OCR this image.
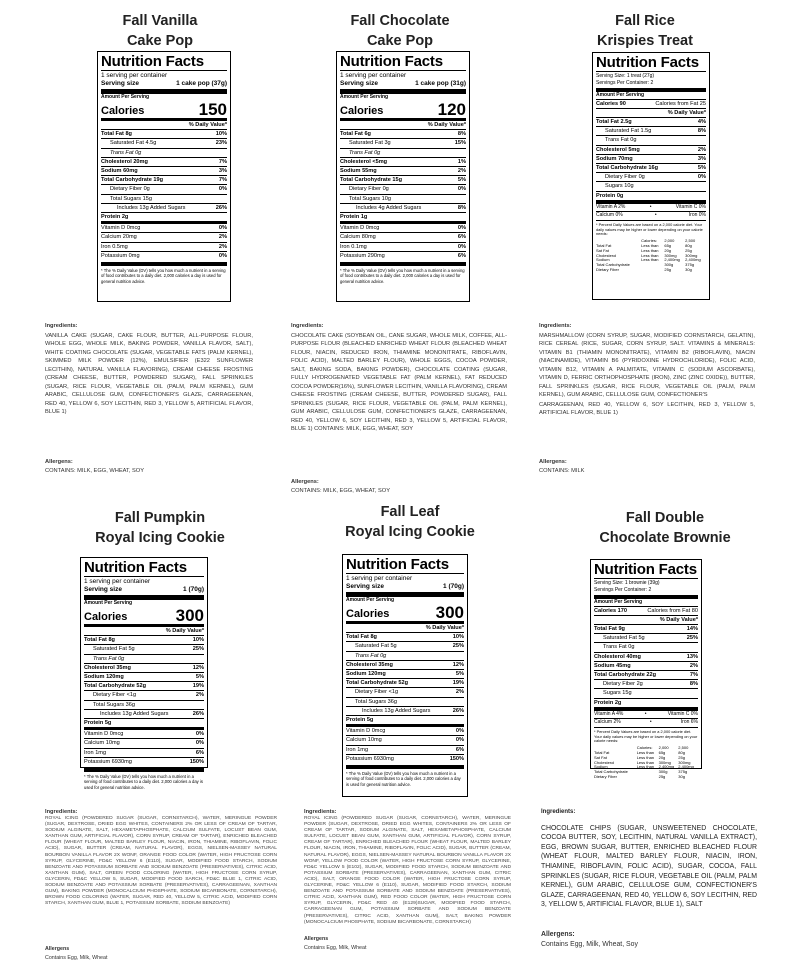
Fall Vanilla
Cake Pop
Nutrition Facts
1 serving per container
Serving size	1 cake pop (37g)
Amount Per Serving
Calories	150
% Daily Value*
Total Fat 8g	10%
Saturated Fat 4.5g	23%
Trans Fat 0g
Cholesterol 20mg	7%
Sodium 60mg	3%
Total Carbohydrate 19g	7%
Dietary Fiber 0g	0%
Total Sugars 15g
Includes 13g Added Sugars	26%
Protein 2g
Vitamin D 0mcg	0%
Calcium 20mg	2%
Iron 0.5mg	2%
Potassium 0mg	0%
* The % Daily Value (DV) tells you how much a nutrient in a serving of food contributes to a daily diet. 2,000 calories a day is used for general nutrition advice.
Ingredients:
VANILLA CAKE (SUGAR, CAKE FLOUR, BUTTER, ALL-PURPOSE FLOUR, WHOLE EGG, WHOLE MILK, BAKING POWDER, VANILLA FLAVOR, SALT), WHITE COATING CHOCOLATE (SUGAR, VEGETABLE FATS (PALM KERNEL), SKIMMED MILK POWDER (12%), EMULSIFIER (E322 SUNFLOWER LECITHIN), NATURAL VANILLA FLAVORING), CREAM CHEESE FROSTING (CREAM CHEESE, BUTTER, POWDERED SUGAR), FALL SPRINKLES (SUGAR, RICE FLOUR, VEGETABLE OIL (PALM, PALM KERNEL), GUM ARABIC, CELLULOSE GUM, CONFECTIONER'S GLAZE, CARRAGEENAN, RED 40, YELLOW 6, SOY LECITHIN, RED 3, YELLOW 5, ARTIFICIAL FLAVOR, BLUE 1)
Allergens:
CONTAINS: MILK, EGG, WHEAT, SOY
Fall Chocolate
Cake Pop
Nutrition Facts
1 serving per container
Serving size	1 cake pop (31g)
Amount Per Serving
Calories	120
% Daily Value*
Total Fat 6g	8%
Saturated Fat 3g	15%
Trans Fat 0g
Cholesterol <5mg	1%
Sodium 55mg	2%
Total Carbohydrate 15g	5%
Dietary Fiber 0g	0%
Total Sugars 10g
Includes 4g Added Sugars	8%
Protein 1g
Vitamin D 0mcg	0%
Calcium 80mg	6%
Iron 0.1mg	0%
Potassium 290mg	6%
* The % Daily Value (DV) tells you how much a nutrient in a serving of food contributes to a daily diet. 2,000 calories a day is used for general nutrition advice.
Ingredients:
CHOCOLATE CAKE (SOYBEAN OIL, CANE SUGAR, WHOLE MILK, COFFEE, ALL-PURPOSE FLOUR (BLEACHED ENRICHED WHEAT FLOUR (BLEACHED WHEAT FLOUR, NIACIN, REDUCED IRON, THIAMINE MONONITRATE, RIBOFLAVIN, FOLIC ACID), MALTED BARLEY FLOUR), WHOLE EGGS, COCOA POWDER, SALT, BAKING SODA, BAKING POWDER), CHOCOLATE COATING (SUGAR, FULLY HYDROGENATED VEGETABLE FAT (PALM KERNEL), FAT REDUCED COCOA POWDER(16%), SUNFLOWER LECITHIN, VANILLA FLAVORING), CREAM CHEESE FROSTING (CREAM CHEESE, BUTTER, POWDERED SUGAR), FALL SPRINKLES (SUGAR, RICE FLOUR, VEGETABLE OIL (PALM, PALM KERNEL), GUM ARABIC, CELLULOSE GUM, CONFECTIONER'S GLAZE, CARRAGEENAN, RED 40, YELLOW 6, SOY LECITHIN, RED 3, YELLOW 5, ARTIFICIAL FLAVOR, BLUE 1) CONTAINS: MILK, EGG, WHEAT, SOY
Allergens:
CONTAINS: MILK, EGG, WHEAT, SOY
Fall Rice
Krispies Treat
Nutrition Facts
Serving Size: 1 treat (27g)
Servings Per Container: 2
Amount Per Serving
Calories 90	Calories from Fat 25
% Daily Value*
Total Fat 2.5g	4%
Saturated Fat 1.5g	8%
Trans Fat 0g
Cholesterol 5mg	2%
Sodium 70mg	3%
Total Carbohydrate 16g	5%
Dietary Fiber 0g	0%
Sugars 10g
Protein 0g
Vitamin A 2%	•	Vitamin C 0%
Calcium 0%	•	Iron 0%
* Percent Daily Values are based on a 2,000 calorie diet. Your daily values may be higher or lower depending on your calorie needs:
	Calories:	2,000	2,500
Total Fat	Less than	65g	80g
Sat Fat	Less than	20g	25g
Cholesterol	Less than	300mg	300mg
Sodium	Less than	2,400mg	2,400mg
Total Carbohydrate		300g	375g
Dietary Fiber		25g	30g
Ingredients:
MARSHMALLOW (CORN SYRUP, SUGAR, MODIFIED CORNSTARCH, GELATIN), RICE CEREAL (RICE, SUGAR, CORN SYRUP, SALT. VITAMINS & MINERALS: VITAMIN B1 (THIAMIN MONONITRATE), VITAMIN B2 (RIBOFLAVIN), NIACIN (NIACINAMIDE), VITAMIN B6 (PYRIDOXINE HYDROCHLORIDE), FOLIC ACID, VITAMIN B12, VITAMIN A PALMITATE, VITAMIN C (SODIUM ASCORBATE), VITAMIN D, FERRIC ORTHOPHOSPHATE (IRON), ZINC (ZINC OXIDE)), BUTTER, FALL SPRINKLES (SUGAR, RICE FLOUR, VEGETABLE OIL (PALM, PALM KERNEL), GUM ARABIC, CELLULOSE GUM, CONFECTIONER'S
CARRAGEENAN, RED 40, YELLOW 6, SOY LECITHIN, RED 3, YELLOW 5, ARTIFICIAL FLAVOR, BLUE 1)
Allergens:
CONTAINS: MILK
Fall Pumpkin
Royal Icing Cookie
Nutrition Facts
1 serving per container
Serving size	1 (70g)
Amount Per Serving
Calories	300
% Daily Value*
Total Fat 8g	10%
Saturated Fat 5g	25%
Trans Fat 0g
Cholesterol 35mg	12%
Sodium 120mg	5%
Total Carbohydrate 52g	19%
Dietary Fiber <1g	2%
Total Sugars 36g
Includes 13g Added Sugars	26%
Protein 5g
Vitamin D 0mcg	0%
Calcium 10mg	0%
Iron 1mg	6%
Potassium 6930mg	150%
* The % Daily Value (DV) tells you how much a nutrient in a serving of food contributes to a daily diet. 2,000 calories a day is used for general nutrition advice.
Ingredients:
ROYAL ICING (POWDERED SUGAR (SUGAR, CORNSTARCH), WATER, MERINGUE POWDER (SUGAR, DEXTROSE, DRIED EGG WHITES, CONTAINERS 2% OR LESS OF CREAM OF TARTAR, SODIUM ALGINATE, SALT, HEXAMETAPHOSPHATE, CALCIUM SULFATE, LOCUST BEAN GUM, XANTHAN GUM, ARTIFICIAL FLAVOR), CORN SYRUP, CREAM OF TARTAR), ENRICHED BLEACHED FLOUR (WHEAT FLOUR, MALTED BARLEY FLOUR, NIACIN, IRON, THIAMINE, RIBOFLAVIN, FOLIC ACID), SUGAR, BUTTER (CREAM, NATURAL FLAVOR), EGGS, NIELSEN-MASSEY NATURAL BOURBON VANILLA FLAVOR 2X WONF, ORANGE FOOD COLOR (WATER, HIGH FRUCTOSE CORN SYRUP, GLYCERINE, FD&C YELLOW 6 (E110), SUGAR, MODIFIED FOOD STARCH, SODIUM BENZOATE AND POTASSIUM SORBATE AND SODIUM BENZOATE (PRESERVATIVES), CITRIC ACID, XANTHAN GUM), SALT, GREEN FOOD COLORING (WATER, HIGH FRUCTOSE CORN SYRUP, GLYCERIN, FD&C YELLOW 5, SUGAR, MODIFIED FOOD SARCH, FD&C BLUE 1, CITRIC ACID, SODIUM BENZOATE AND POTASSIUM SORBATE (PRESERVATIVES), CARRAGEENAN, XANTHAN GUM), BAKING POWDER (MONOCALCIUM PHOSPHATE, SODIUM BICARBONATE, CORNSTARCH), BROWN FOOD COLORING (WATER, SUGAR, RED 40, YELLOW 5, CITRIC ACID, MODIFIED CORN STARCH, XANTHAN GUM, BLUE 1, POTASSIUM SORBATE, SODIUM BENZOATE)
Allergens
Contains Egg, Milk, Wheat
Fall Leaf
Royal Icing Cookie
Nutrition Facts
1 serving per container
Serving size	1 (70g)
Amount Per Serving
Calories	300
% Daily Value*
Total Fat 8g	10%
Saturated Fat 5g	25%
Trans Fat 0g
Cholesterol 35mg	12%
Sodium 120mg	5%
Total Carbohydrate 52g	19%
Dietary Fiber <1g	2%
Total Sugars 36g
Includes 13g Added Sugars	26%
Protein 5g
Vitamin D 0mcg	0%
Calcium 10mg	0%
Iron 1mg	6%
Potassium 6930mg	150%
* The % Daily Value (DV) tells you how much a nutrient in a serving of food contributes to a daily diet. 2,000 calories a day is used for general nutrition advice.
Ingredients:
ROYAL ICING (POWDERED SUGAR (SUGAR, CORNSTARCH), WATER, MERINGUE POWDER (SUGAR, DEXTROSE, DRIED EGG WHITES, CONTAINERS 2% OR LESS OF CREAM OF TARTAR, SODIUM ALGINATE, SALT, HEXAMETAPHOSPHATE, CALCIUM SULFATE, LOCUST BEAN GUM, XANTHAN GUM, ARTIFICIAL FLAVOR), CORN SYRUP, CREAM OF TARTAR), ENRICHED BLEACHED FLOUR (WHEAT FLOUR, MALTED BARLEY FLOUR, NIACIN, IRON, THIAMINE, RIBOFLAVIN, FOLIC ACID), SUGAR, BUTTER (CREAM, NATURAL FLAVOR), EGGS, NIELSEN-MASSEY NATURAL BOURBON VANILLA FLAVOR 2X WONF, YELLOW FOOD COLOR (WATER, HIGH FRUCTOSE CORN SYRUP, GLYCERINE, FD&C YELLOW 5 (E102), SUGAR, MODIFIED FOOD STARCH, SODIUM BENZOATE AND POTASSIUM SORBATE (PRESERVATIVES), CARRAGEENAN, XANTHAN GUM, CITRIC ACID), SALT, ORANGE FOOD COLOR (WATER, HIGH FRUCTOSE CORN SYRUP, GLYCERINE, FD&C YELLOW 6 (E110), SUGAR, MODIFIED FOOD STARCH, SODIUM BENZOATE AND POTASSIUM SORBATE AND SODIUM BENZOATE (PRESERVATIVES), CITRIC ACID, XANTHAN GUM), RED FOOD COLOR (WATER, HIGH FRUCTOSE CORN SYRUP, GLYCERIN, FD&C RED 40 (E129)SUGAR, MODIFIED FOOD STARCH, CARRAGEENAN GUM, POTASSIUM SORBATE AND SODIUM BENZOATE (PRESERVATIVES), CITRIC ACID, XANTHAN GUM), SALT, BAKING POWDER (MONOCALCIUM PHOSPHATE, SODIUM BICARBONATE, CORNSTARCH)
Allergens
Contains Egg, Milk, Wheat
Fall Double
Chocolate Brownie
Nutrition Facts
Serving Size: 1 brownie (39g)
Servings Per Container: 2
Amount Per Serving
Calories 170	Calories from Fat 80
% Daily Value*
Total Fat 9g	14%
Saturated Fat 5g	25%
Trans Fat 0g
Cholesterol 40mg	13%
Sodium 45mg	2%
Total Carbohydrate 22g	7%
Dietary Fiber 2g	8%
Sugars 15g
Protein 2g
Vitamin A 4%	•	Vitamin C 0%
Calcium 2%	•	Iron 6%
* Percent Daily Values are based on a 2,000 calorie diet. Your daily values may be higher or lower depending on your calorie needs:
	Calories:	2,000	2,500
Total Fat	Less than	65g	80g
Sat Fat	Less than	20g	25g
Cholesterol	Less than	300mg	300mg
Sodium	Less than	2,400mg	2,400mg
Total Carbohydrate		300g	375g
Dietary Fiber		25g	30g
Ingredients:
CHOCOLATE CHIPS (SUGAR, UNSWEETENED CHOCOLATE, COCOA BUTTER, SOY, LECITHIN, NATURAL VANILLA EXTRACT), EGG, BROWN SUGAR, BUTTER, ENRICHED BLEACHED FLOUR (WHEAT FLOUR, MALTED BARLEY FLOUR, NIACIN, IRON, THIAMINE, RIBOFLAVIN, FOLIC ACID), SUGAR, COCOA, FALL SPRINKLES (SUGAR, RICE FLOUR, VEGETABLE OIL (PALM, PALM KERNEL), GUM ARABIC, CELLULOSE GUM, CONFECTIONER'S GLAZE, CARRAGEENAN, RED 40, YELLOW 6, SOY LECITHIN, RED 3, YELLOW 5, ARTIFICIAL FLAVOR, BLUE 1), SALT
Allergens:
Contains Egg, Milk, Wheat, Soy
